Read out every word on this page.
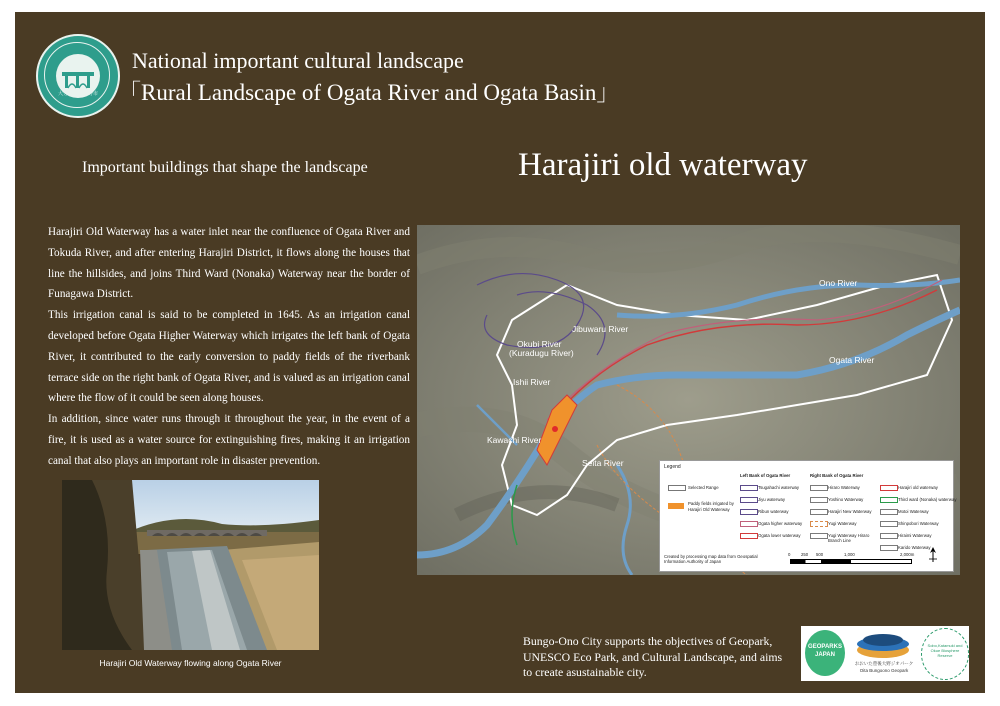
大分県豊後大野市
National important cultural landscape
「Rural Landscape of Ogata River and Ogata Basin」
Important buildings that shape the landscape	Harajiri old waterway

Harajiri Old Waterway has a water inlet near the confluence of Ogata River and Tokuda River, and after entering Harajiri District, it flows along the houses that line the hillsides, and joins Third Ward (Nonaka) Waterway near the border of Funagawa District.

This irrigation canal is said to be completed in 1645. As an irrigation canal developed before Ogata Higher Waterway which irrigates the left bank of Ogata River, it contributed to the early conversion to paddy fields of the riverbank terrace side on the right bank of Ogata River, and is valued as an irrigation canal where the flow of it could be seen along houses.

In addition, since water runs through it throughout the year, in the event of a fire, it is used as a water source for extinguishing fires, making it an irrigation canal that also plays an important role in disaster prevention.

Harajiri Old Waterway flowing along Ogata River
Ono River
Ogata River
Jibuwaru River
Okubi River
(Kuradugu River)
Ishii River
Kawachi River
Seita River	Legend
Selected Range
Paddy fields irrigated by Harajiri Old Waterway
Left Bank of Ogata River	Right Bank of Ogata River
Tsugahachi waterway
Jiyu waterway
Ribun waterway
Ogata higher waterway
Ogata lower waterway
Hiraro Waterway
Yoshino Waterway
Harajiri New Waterway
Yugi Waterway
Yugi Waterway Hiraro Branch Line
Harajiri old waterway
Third ward (Nonaka) waterway
Motoi Waterway
Shinpobori Waterway
Hiraimi Waterway
Karido Waterway
Created by processing map data from Geospatial Information Authority of Japan
0 250 500	1,000	2,000m
Bungo-Ono City supports the objectives of Geopark, UNESCO Eco Park, and Cultural Landscape, and aims to create asustainable city.
GEOPARKS
JAPAN
おおいた豊後大野ジオパーク
Oita Bungoono Geopark
Sobo,Katamuki and Okue Biosphere Reserve
